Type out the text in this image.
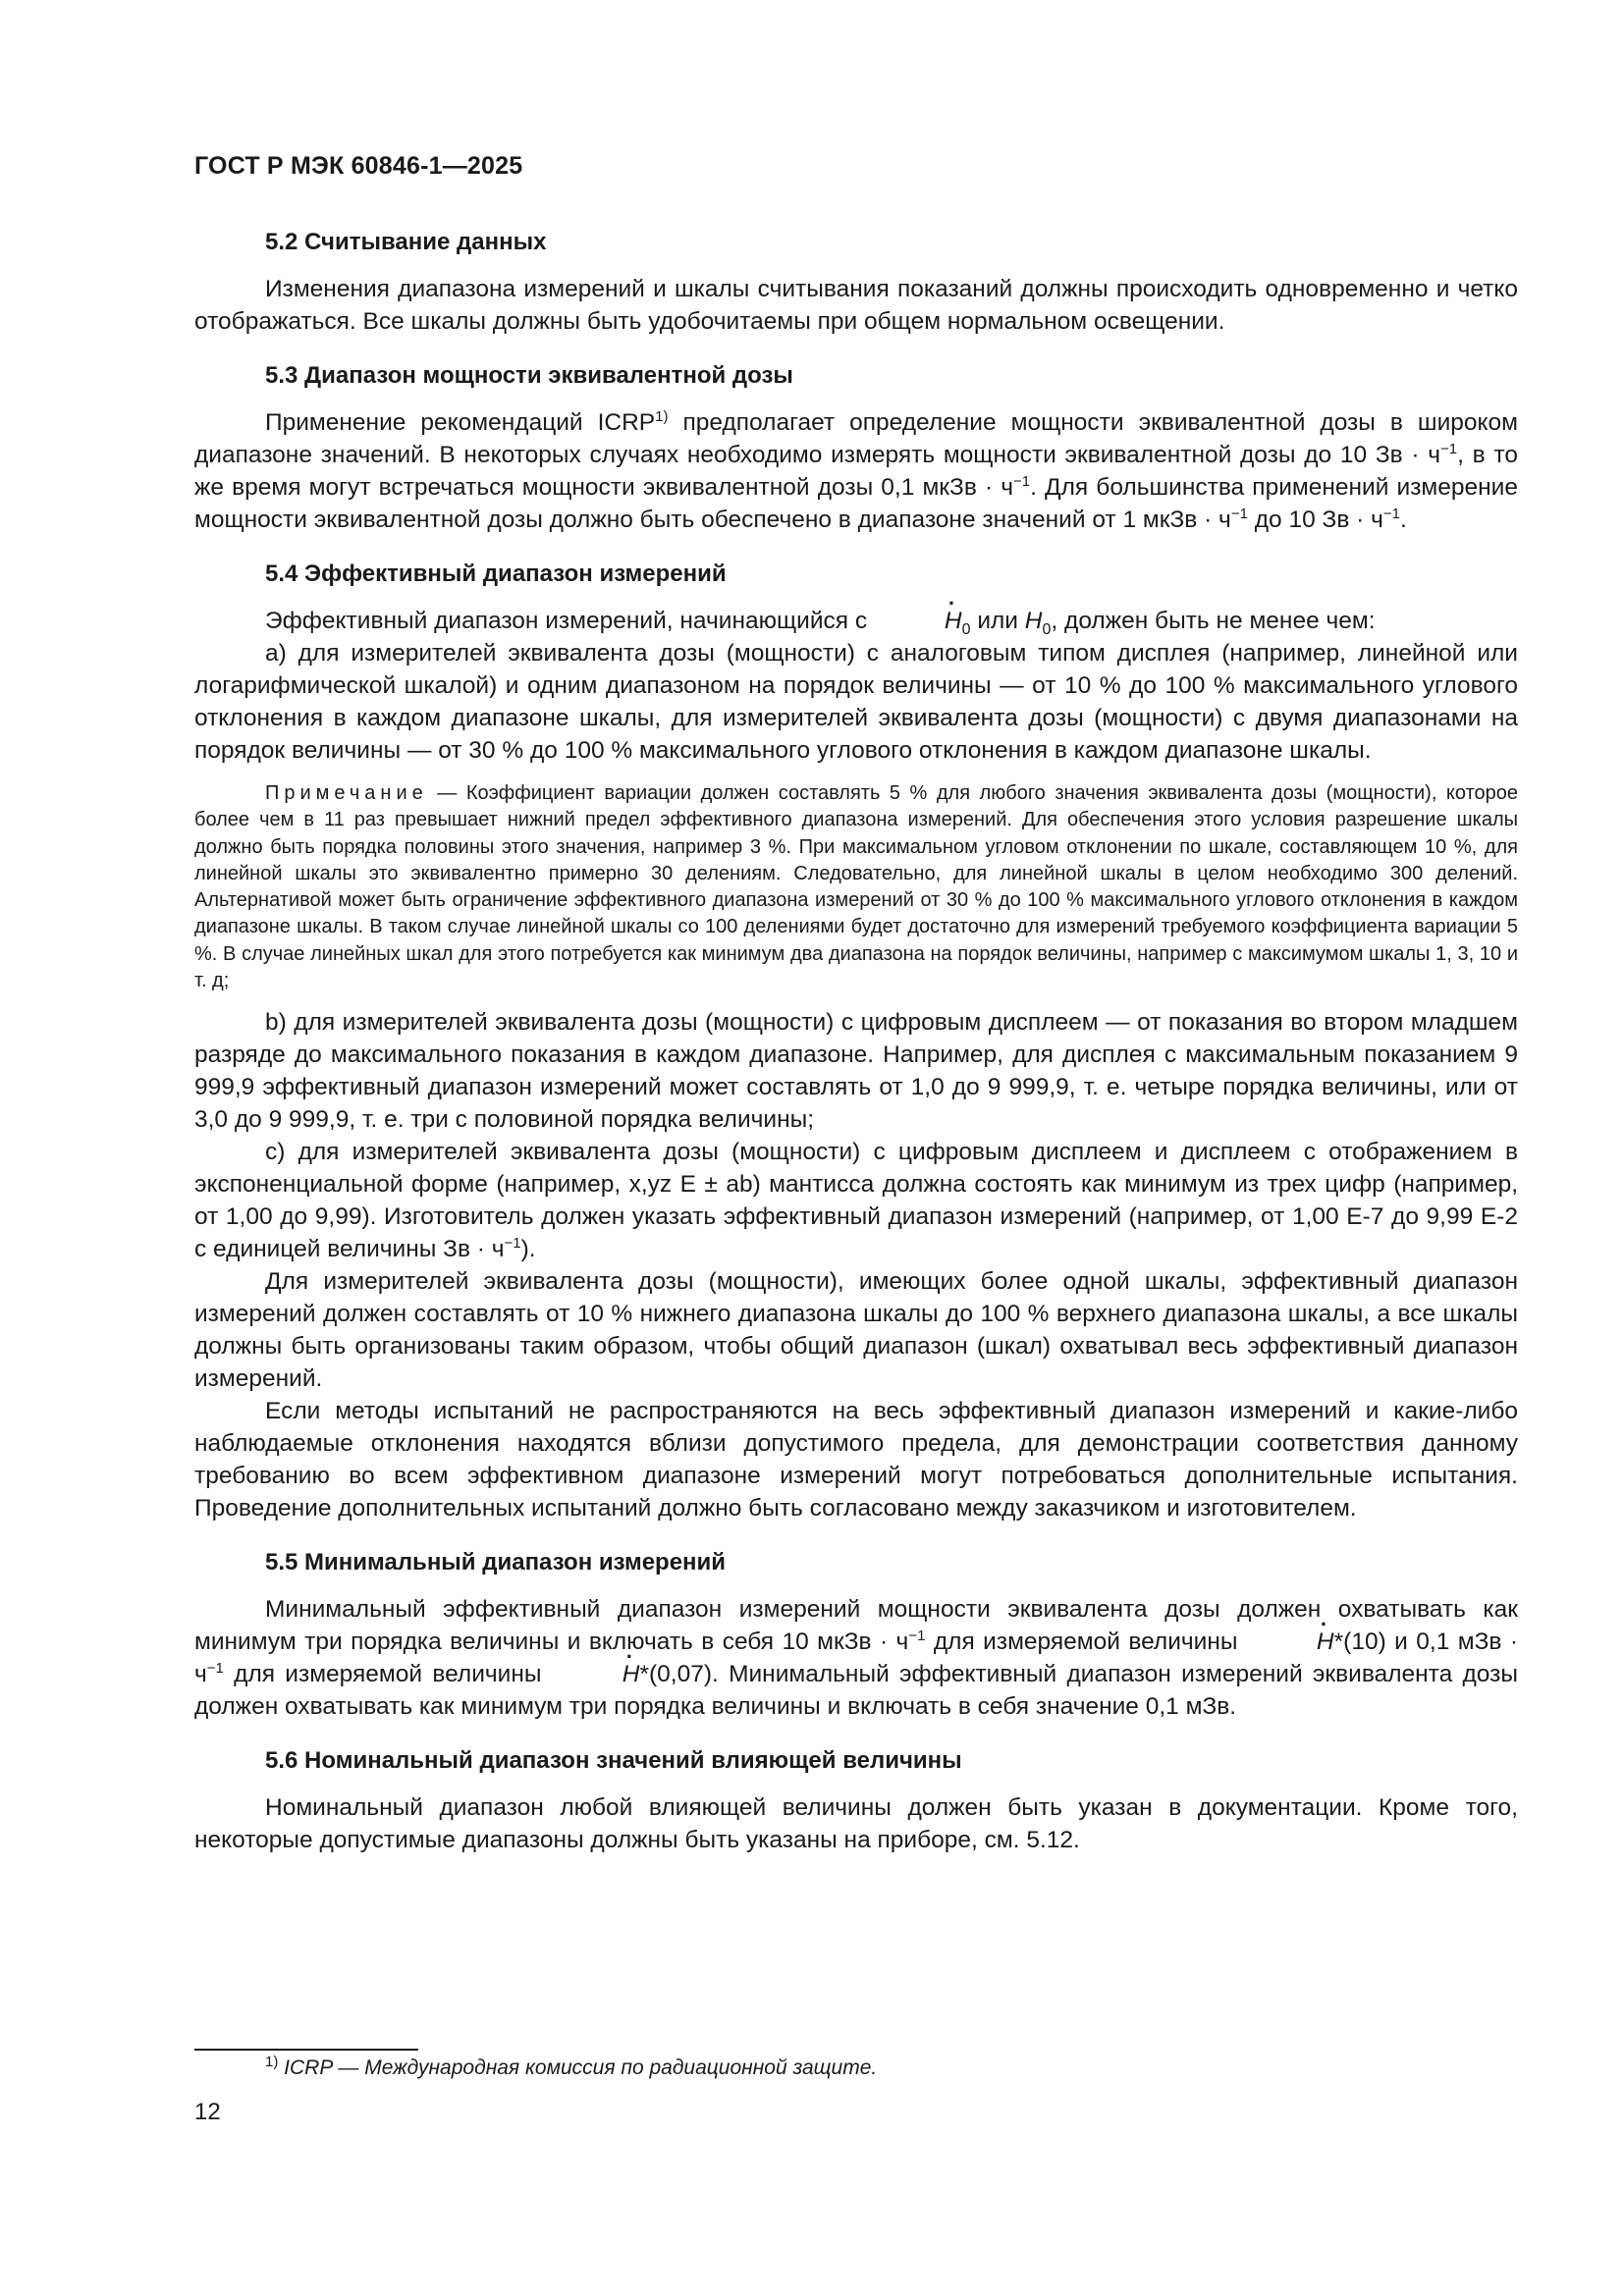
ГОСТ Р МЭК 60846-1—2025
5.2 Считывание данных

Изменения диапазона измерений и шкалы считывания показаний должны происходить одновременно и четко отображаться. Все шкалы должны быть удобочитаемы при общем нормальном освещении.

5.3 Диапазон мощности эквивалентной дозы

Применение рекомендаций ICRP$^{1)}$ предполагает определение мощности эквивалентной дозы в широком диапазоне значений. В некоторых случаях необходимо измерять мощности эквивалентной дозы до 10 Зв · $ч^{-1}$, в то же время могут встречаться мощности эквивалентной дозы 0,1 мкЗв · $ч^{-1}$. Для большинства применений измерение мощности эквивалентной дозы должно быть обеспечено в диапазоне значений от 1 мкЗв · $ч^{-1}$ до 10 Зв · $ч^{-1}$.

5.4 Эффективный диапазон измерений

Эффективный диапазон измерений, начинающийся с	· $H_0$ или $H_0$, должен быть не менее чем:

а) для измерителей эквивалента дозы (мощности) с аналоговым типом дисплея (например, линейной или логарифмической шкалой) и одним диапазоном на порядок величины — от 10 % до 100 % максимального углового отклонения в каждом диапазоне шкалы, для измерителей эквивалента дозы (мощности) с двумя диапазонами на порядок величины — от 30 % до 100 % максимального углового отклонения в каждом диапазоне шкалы.

Примечание — Коэффициент вариации должен составлять 5 % для любого значения эквивалента дозы (мощности), которое более чем в 11 раз превышает нижний предел эффективного диапазона измерений. Для обеспечения этого условия разрешение шкалы должно быть порядка половины этого значения, например 3 %. При максимальном угловом отклонении по шкале, составляющем 10 %, для линейной шкалы это эквивалентно примерно 30 делениям. Следовательно, для линейной шкалы в целом необходимо 300 делений. Альтернативой может быть ограничение эффективного диапазона измерений от 30 % до 100 % максимального углового отклонения в каждом диапазоне шкалы. В таком случае линейной шкалы со 100 делениями будет достаточно для измерений требуемого коэффициента вариации 5 %. В случае линейных шкал для этого потребуется как минимум два диапазона на порядок величины, например с максимумом шкалы 1, 3, 10 и т. д;

b) для измерителей эквивалента дозы (мощности) с цифровым дисплеем — от показания во втором младшем разряде до максимального показания в каждом диапазоне. Например, для дисплея с максимальным показанием 9 999,9 эффективный диапазон измерений может составлять от 1,0 до 9 999,9, т. е. четыре порядка величины, или от 3,0 до 9 999,9, т. е. три с половиной порядка величины;

с) для измерителей эквивалента дозы (мощности) с цифровым дисплеем и дисплеем с отображением в экспоненциальной форме (например, x,yz E ± ab) мантисса должна состоять как минимум из трех цифр (например, от 1,00 до 9,99). Изготовитель должен указать эффективный диапазон измерений (например, от 1,00 E-7 до 9,99 E-2 с единицей величины Зв · $ч^{-1}$).

Для измерителей эквивалента дозы (мощности), имеющих более одной шкалы, эффективный диапазон измерений должен составлять от 10 % нижнего диапазона шкалы до 100 % верхнего диапазона шкалы, а все шкалы должны быть организованы таким образом, чтобы общий диапазон (шкал) охватывал весь эффективный диапазон измерений.

Если методы испытаний не распространяются на весь эффективный диапазон измерений и какие-либо наблюдаемые отклонения находятся вблизи допустимого предела, для демонстрации соответствия данному требованию во всем эффективном диапазоне измерений могут потребоваться дополнительные испытания. Проведение дополнительных испытаний должно быть согласовано между заказчиком и изготовителем.

5.5 Минимальный диапазон измерений

Минимальный эффективный диапазон измерений мощности эквивалента дозы должен охватывать как минимум три порядка величины и включать в себя 10 мкЗв · $ч^{-1}$ для измеряемой величины	· H*(10) и 0,1 мЗв · $ч^{-1}$ для измеряемой величины	· H*(0,07). Минимальный эффективный диапазон измерений эквивалента дозы должен охватывать как минимум три порядка величины и включать в себя значение 0,1 мЗв.

5.6 Номинальный диапазон значений влияющей величины

Номинальный диапазон любой влияющей величины должен быть указан в документации. Кроме того, некоторые допустимые диапазоны должны быть указаны на приборе, см. 5.12.

$^{1)}$ ICRP — Международная комиссия по радиационной защите.
12
